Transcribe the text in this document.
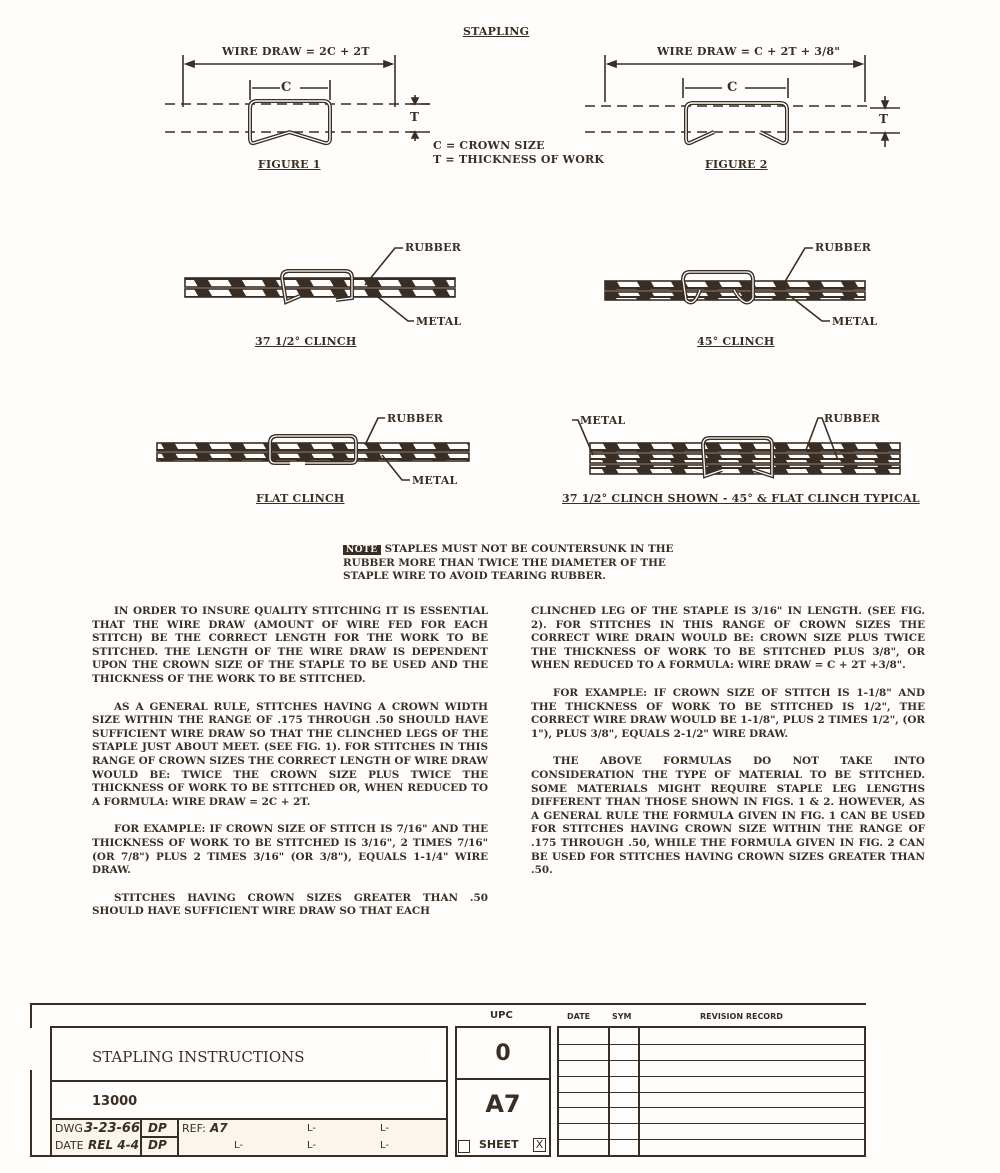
STAPLING
WIRE DRAW = 2C + 2T
C
T
FIGURE 1
C = CROWN SIZE
T = THICKNESS OF WORK
WIRE DRAW = C + 2T + 3/8"
C
T
FIGURE 2
RUBBER
METAL
37 1/2° CLINCH
RUBBER
METAL
45° CLINCH
RUBBER
METAL
FLAT CLINCH
METAL	RUBBER
37 1/2° CLINCH SHOWN - 45° & FLAT CLINCH TYPICAL
NOTE STAPLES MUST NOT BE COUNTERSUNK IN THE RUBBER MORE THAN TWICE THE DIAMETER OF THE STAPLE WIRE TO AVOID TEARING RUBBER.

IN ORDER TO INSURE QUALITY STITCHING IT IS ESSENTIAL THAT THE WIRE DRAW (AMOUNT OF WIRE FED FOR EACH STITCH) BE THE CORRECT LENGTH FOR THE WORK TO BE STITCHED. THE LENGTH OF THE WIRE DRAW IS DEPENDENT UPON THE CROWN SIZE OF THE STAPLE TO BE USED AND THE THICKNESS OF THE WORK TO BE STITCHED.

AS A GENERAL RULE, STITCHES HAVING A CROWN WIDTH SIZE WITHIN THE RANGE OF .175 THROUGH .50 SHOULD HAVE SUFFICIENT WIRE DRAW SO THAT THE CLINCHED LEGS OF THE STAPLE JUST ABOUT MEET. (SEE FIG. 1). FOR STITCHES IN THIS RANGE OF CROWN SIZES THE CORRECT LENGTH OF WIRE DRAW WOULD BE: TWICE THE CROWN SIZE PLUS TWICE THE THICKNESS OF WORK TO BE STITCHED OR, WHEN REDUCED TO A FORMULA: WIRE DRAW = 2C + 2T.

FOR EXAMPLE: IF CROWN SIZE OF STITCH IS 7/16" AND THE THICKNESS OF WORK TO BE STITCHED IS 3/16", 2 TIMES 7/16" (OR 7/8") PLUS 2 TIMES 3/16" (OR 3/8"), EQUALS 1-1/4" WIRE DRAW.

STITCHES HAVING CROWN SIZES GREATER THAN .50 SHOULD HAVE SUFFICIENT WIRE DRAW SO THAT EACH

CLINCHED LEG OF THE STAPLE IS 3/16" IN LENGTH. (SEE FIG. 2). FOR STITCHES IN THIS RANGE OF CROWN SIZES THE CORRECT WIRE DRAIN WOULD BE: CROWN SIZE PLUS TWICE THE THICKNESS OF WORK TO BE STITCHED PLUS 3/8", OR WHEN REDUCED TO A FORMULA: WIRE DRAW = C + 2T +3/8".

FOR EXAMPLE: IF CROWN SIZE OF STITCH IS 1-1/8" AND THE THICKNESS OF WORK TO BE STITCHED IS 1/2", THE CORRECT WIRE DRAW WOULD BE 1-1/8", PLUS 2 TIMES 1/2", (OR 1"), PLUS 3/8", EQUALS 2-1/2" WIRE DRAW.

THE ABOVE FORMULAS DO NOT TAKE INTO CONSIDERATION THE TYPE OF MATERIAL TO BE STITCHED. SOME MATERIALS MIGHT REQUIRE STAPLE LEG LENGTHS DIFFERENT THAN THOSE SHOWN IN FIGS. 1 & 2. HOWEVER, AS A GENERAL RULE THE FORMULA GIVEN IN FIG. 1 CAN BE USED FOR STITCHES HAVING CROWN SIZE WITHIN THE RANGE OF .175 THROUGH .50, WHILE THE FORMULA GIVEN IN FIG. 2 CAN BE USED FOR STITCHES HAVING CROWN SIZES GREATER THAN .50.

STAPLING INSTRUCTIONS
13000
DWG 3-23-66
DATE REL 4-4
DP
DP
REF: A7	L-	L-
L-	L-	L-
UPC
0
A7
SHEET X
DATE	SYM	REVISION RECORD
